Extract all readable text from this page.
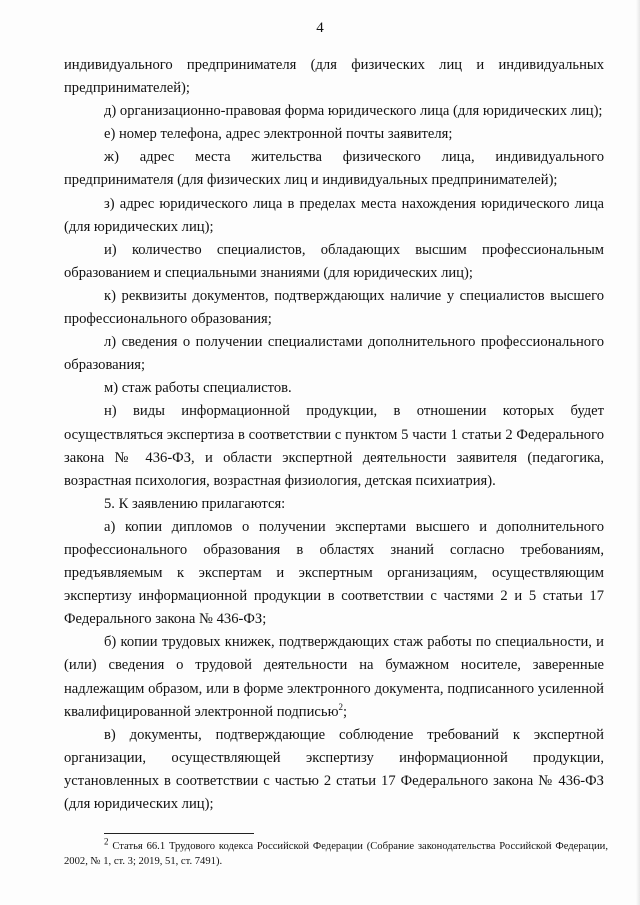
4

индивидуального предпринимателя (для физических лиц и индивидуальных предпринимателей);

д) организационно-правовая форма юридического лица (для юридических лиц);

е) номер телефона, адрес электронной почты заявителя;

ж) адрес места жительства физического лица, индивидуального предпринимателя (для физических лиц и индивидуальных предпринимателей);

з) адрес юридического лица в пределах места нахождения юридического лица (для юридических лиц);

и) количество специалистов, обладающих высшим профессиональным образованием и специальными знаниями (для юридических лиц);

к) реквизиты документов, подтверждающих наличие у специалистов высшего профессионального образования;

л) сведения о получении специалистами дополнительного профессионального образования;

м) стаж работы специалистов.

н) виды информационной продукции, в отношении которых будет осуществляться экспертиза в соответствии с пунктом 5 части 1 статьи 2 Федерального закона № 436-ФЗ, и области экспертной деятельности заявителя (педагогика, возрастная психология, возрастная физиология, детская психиатрия).

5. К заявлению прилагаются:

а) копии дипломов о получении экспертами высшего и дополнительного профессионального образования в областях знаний согласно требованиям, предъявляемым к экспертам и экспертным организациям, осуществляющим экспертизу информационной продукции в соответствии с частями 2 и 5 статьи 17 Федерального закона № 436-ФЗ;

б) копии трудовых книжек, подтверждающих стаж работы по специальности, и (или) сведения о трудовой деятельности на бумажном носителе, заверенные надлежащим образом, или в форме электронного документа, подписанного усиленной квалифицированной электронной подписью$^2$;

в) документы, подтверждающие соблюдение требований к экспертной организации, осуществляющей экспертизу информационной продукции, установленных в соответствии с частью 2 статьи 17 Федерального закона № 436-ФЗ (для юридических лиц);

$^2$ Статья 66.1 Трудового кодекса Российской Федерации (Собрание законодательства Российской Федерации, 2002, № 1, ст. 3; 2019, 51, ст. 7491).
